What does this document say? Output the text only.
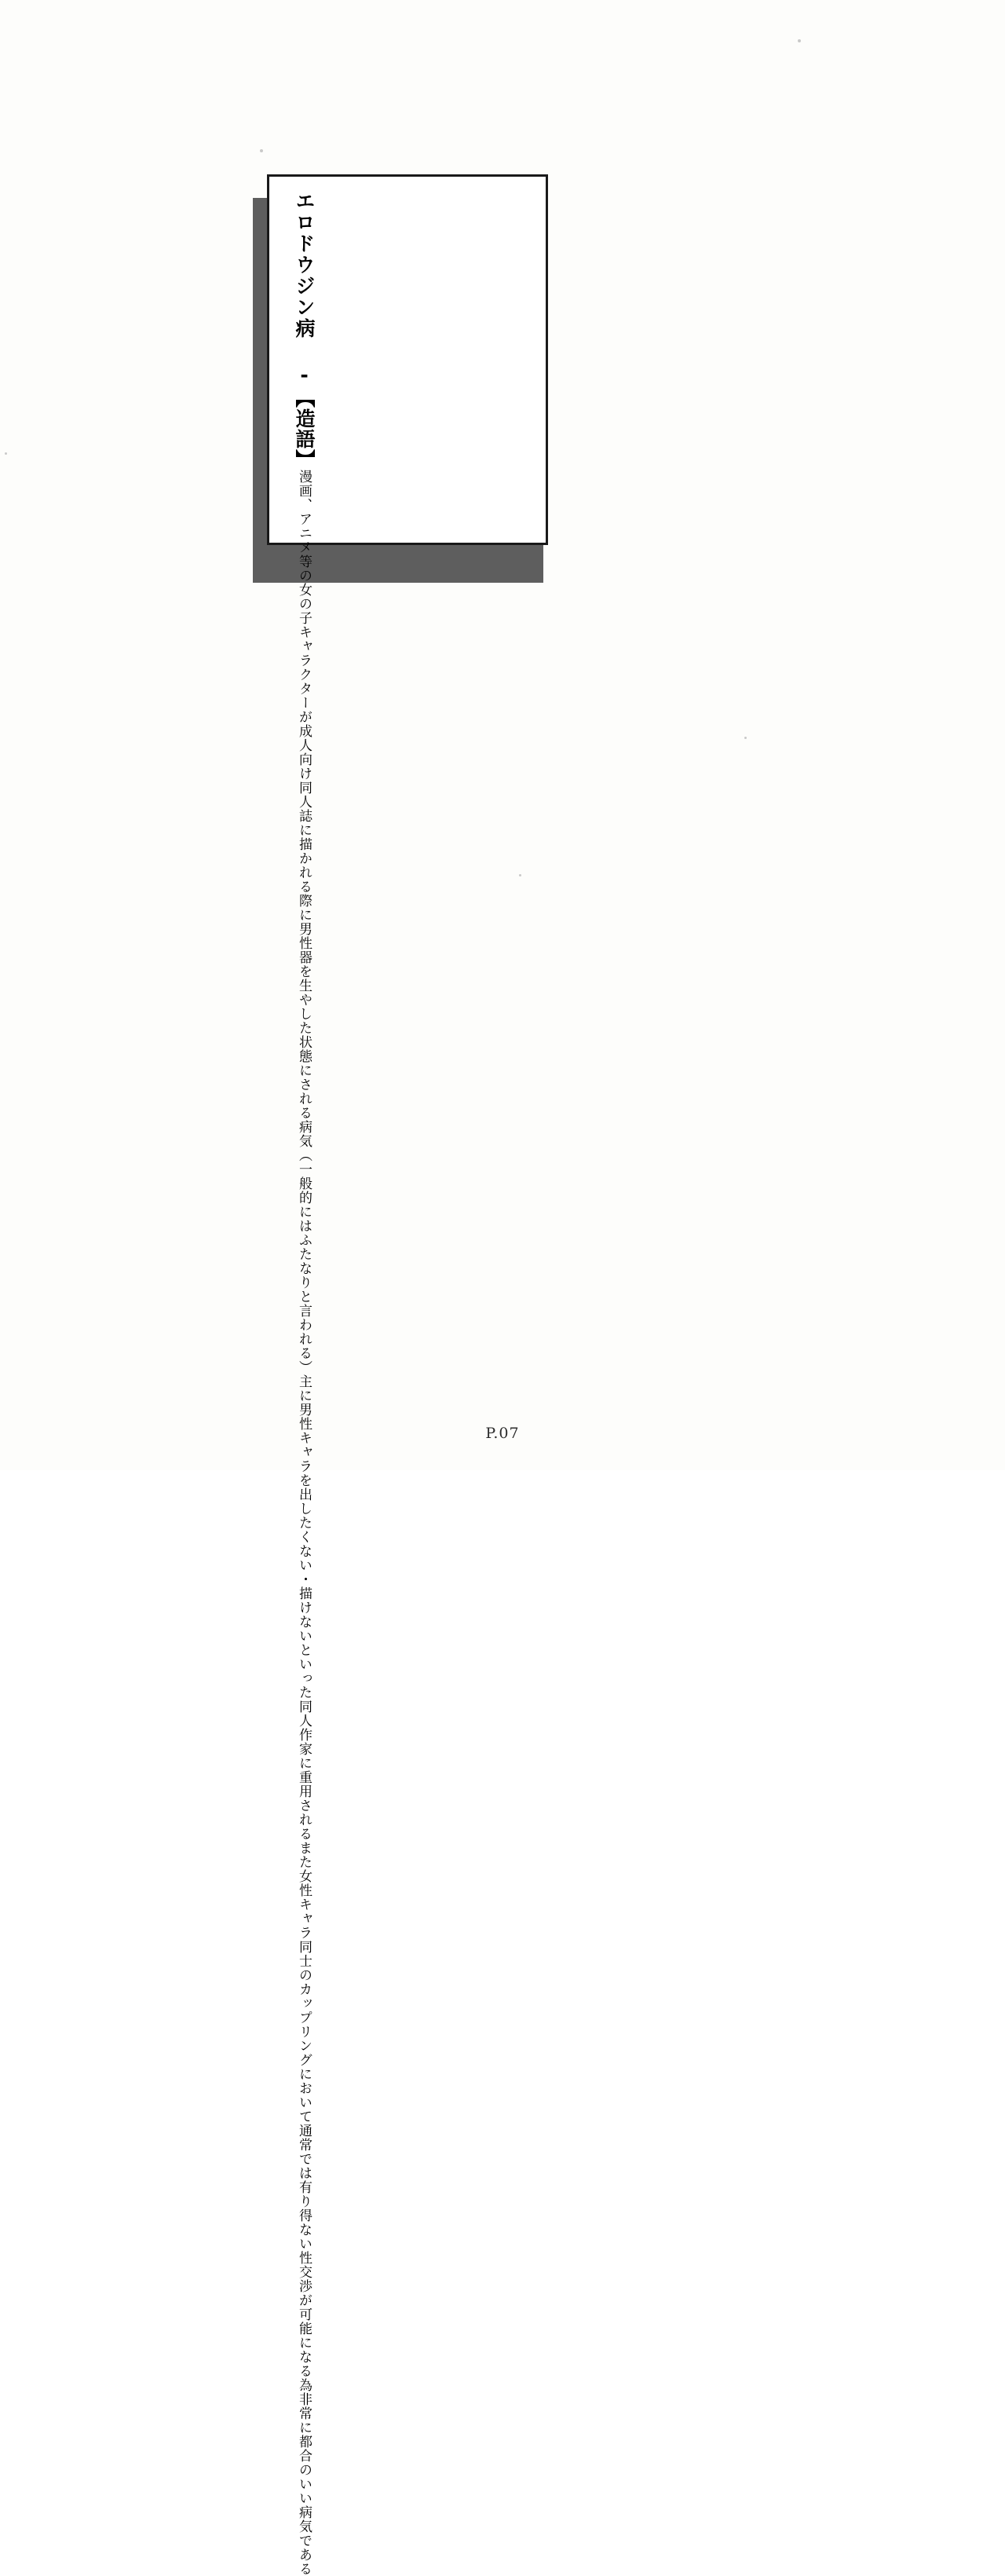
エロドウジン病 -【造語】
漫画、アニメ等の女の子キャラクターが
成人向け同人誌に描かれる際に
男性器を生やした状態にされる病気
（一般的にはふたなりと言われる）
主に男性キャラを出したくない・描けない
といった同人作家に重用される
また女性キャラ同士のカップリングにおいて
通常では有り得ない性交渉が可能になる為
非常に都合のいい病気である
P.07
